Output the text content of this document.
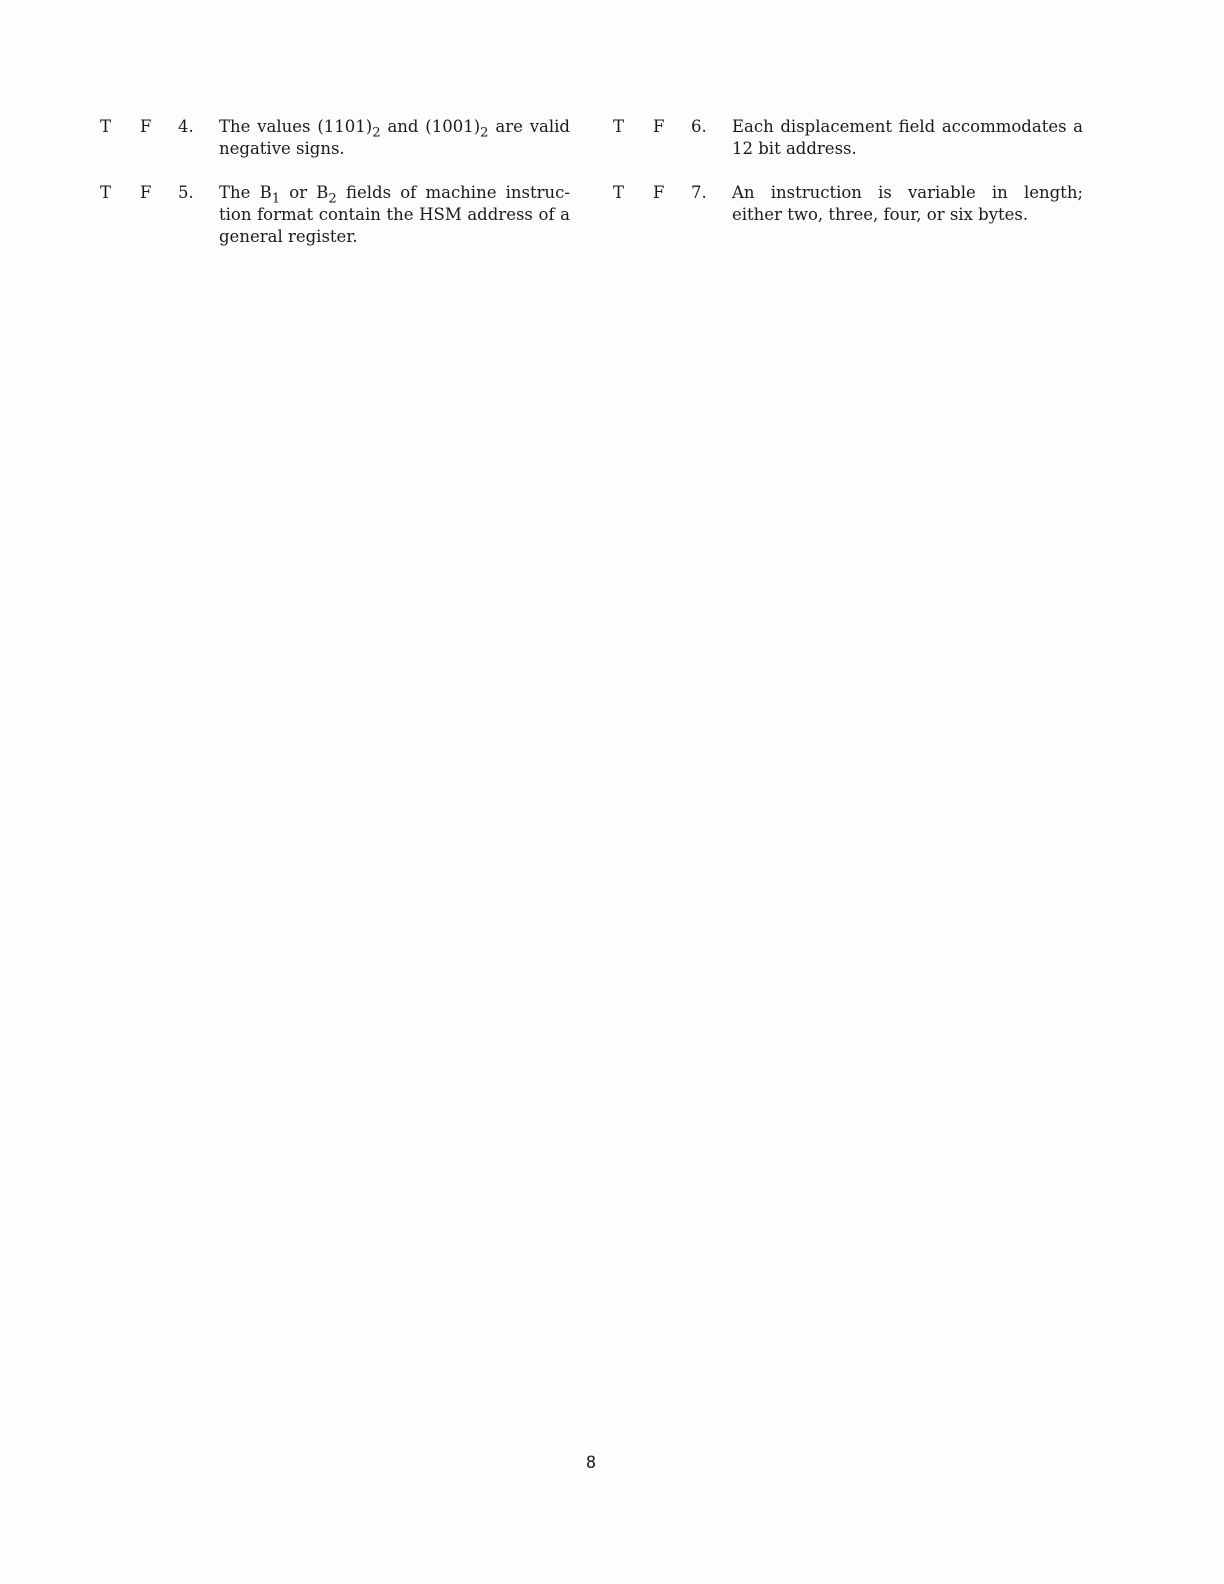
T	F	4.	The values $(1101)_2$ and $(1001)_2$ are valid negative signs.
T	F	5.	The $B_1$ or $B_2$ fields of machine instruc- tion format contain the HSM address of a general register.
T	F	6.	Each displacement field accommodates a 12 bit address.
T	F	7.	An instruction is variable in length; either two, three, four, or six bytes.
8
